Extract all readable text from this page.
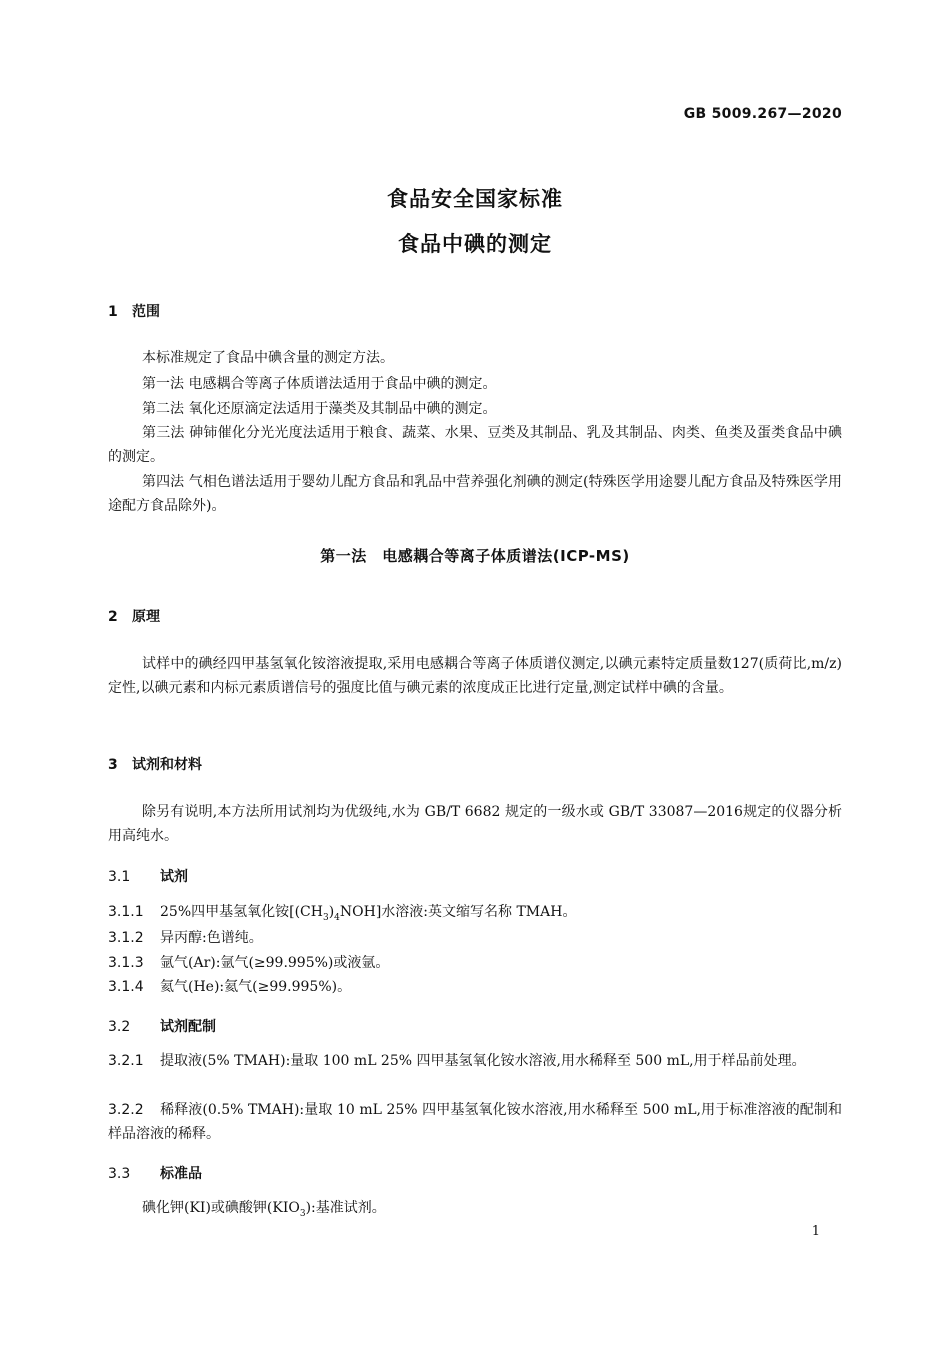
GB 5009.267—2020
食品安全国家标准
食品中碘的测定
1 范围
本标准规定了食品中碘含量的测定方法。
第一法 电感耦合等离子体质谱法适用于食品中碘的测定。
第二法 氧化还原滴定法适用于藻类及其制品中碘的测定。
第三法 砷铈催化分光光度法适用于粮食、蔬菜、水果、豆类及其制品、乳及其制品、肉类、鱼类及蛋类食品中碘的测定。
第四法 气相色谱法适用于婴幼儿配方食品和乳品中营养强化剂碘的测定(特殊医学用途婴儿配方食品及特殊医学用途配方食品除外)。
第一法　电感耦合等离子体质谱法(ICP-MS)
2 原理
试样中的碘经四甲基氢氧化铵溶液提取,采用电感耦合等离子体质谱仪测定,以碘元素特定质量数127(质荷比,m/z)定性,以碘元素和内标元素质谱信号的强度比值与碘元素的浓度成正比进行定量,测定试样中碘的含量。
3 试剂和材料
除另有说明,本方法所用试剂均为优级纯,水为 GB/T 6682 规定的一级水或 GB/T 33087—2016规定的仪器分析用高纯水。
3.1 试剂
3.1.1 25%四甲基氢氧化铵$[(CH_3)_4NOH]$水溶液:英文缩写名称 TMAH。
3.1.2 异丙醇:色谱纯。
3.1.3 氩气(Ar):氩气(≥99.995%)或液氩。
3.1.4 氦气(He):氦气(≥99.995%)。
3.2 试剂配制
3.2.1 提取液(5% TMAH):量取 100 mL 25% 四甲基氢氧化铵水溶液,用水稀释至 500 mL,用于样品前处理。
3.2.2 稀释液(0.5% TMAH):量取 10 mL 25% 四甲基氢氧化铵水溶液,用水稀释至 500 mL,用于标准溶液的配制和样品溶液的稀释。
3.3 标准品
碘化钾(KI)或碘酸钾$(KIO_3)$:基准试剂。
1
